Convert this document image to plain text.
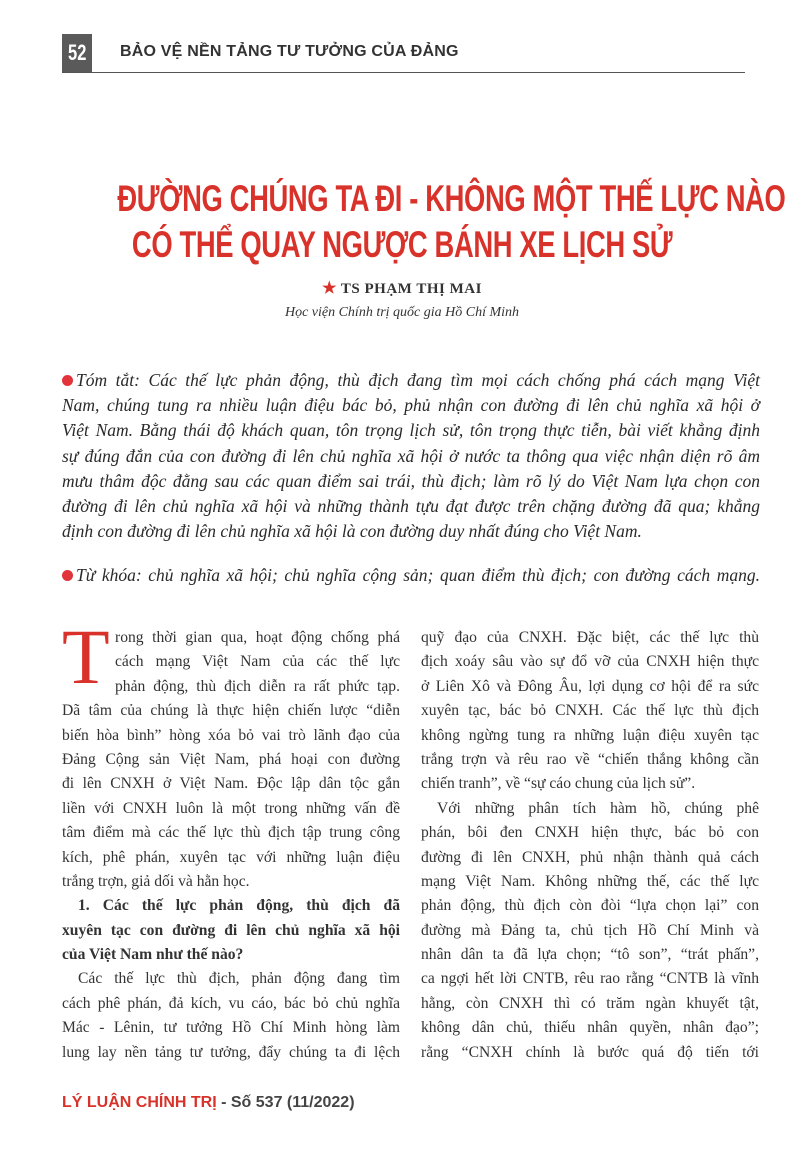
52	BẢO VỆ NỀN TẢNG TƯ TƯỞNG CỦA ĐẢNG
ĐƯỜNG CHÚNG TA ĐI - KHÔNG MỘT THẾ LỰC NÀO
CÓ THỂ QUAY NGƯỢC BÁNH XE LỊCH SỬ
★ TS PHẠM THỊ MAI
Học viện Chính trị quốc gia Hồ Chí Minh
Tóm tắt: Các thế lực phản động, thù địch đang tìm mọi cách chống phá cách mạng Việt
Nam, chúng tung ra nhiều luận điệu bác bỏ, phủ nhận con đường đi lên chủ nghĩa xã hội ở
Việt Nam. Bằng thái độ khách quan, tôn trọng lịch sử, tôn trọng thực tiễn, bài viết khẳng định
sự đúng đắn của con đường đi lên chủ nghĩa xã hội ở nước ta thông qua việc nhận diện rõ âm
mưu thâm độc đằng sau các quan điểm sai trái, thù địch; làm rõ lý do Việt Nam lựa chọn con
đường đi lên chủ nghĩa xã hội và những thành tựu đạt được trên chặng đường đã qua; khẳng
định con đường đi lên chủ nghĩa xã hội là con đường duy nhất đúng cho Việt Nam.
Từ khóa: chủ nghĩa xã hội; chủ nghĩa cộng sản; quan điểm thù địch; con đường cách mạng.
T rong thời gian qua, hoạt động chống phá
cách mạng Việt Nam của các thế lực
phản động, thù địch diễn ra rất phức tạp.
Dã tâm của chúng là thực hiện chiến lược “diễn
biến hòa bình” hòng xóa bỏ vai trò lãnh đạo của
Đảng Cộng sản Việt Nam, phá hoại con đường
đi lên CNXH ở Việt Nam. Độc lập dân tộc gắn
liền với CNXH luôn là một trong những vấn đề
tâm điểm mà các thế lực thù địch tập trung công
kích, phê phán, xuyên tạc với những luận điệu
trắng trợn, giả dối và hằn học.
1. Các thế lực phản động, thù địch đã
xuyên tạc con đường đi lên chủ nghĩa xã hội
của Việt Nam như thế nào?
Các thế lực thù địch, phản động đang tìm
cách phê phán, đả kích, vu cáo, bác bỏ chủ nghĩa
Mác - Lênin, tư tưởng Hồ Chí Minh hòng làm
lung lay nền tảng tư tưởng, đẩy chúng ta đi lệch
quỹ đạo của CNXH. Đặc biệt, các thế lực thù
địch xoáy sâu vào sự đổ vỡ của CNXH hiện thực
ở Liên Xô và Đông Âu, lợi dụng cơ hội để ra sức
xuyên tạc, bác bỏ CNXH. Các thế lực thù địch
không ngừng tung ra những luận điệu xuyên tạc
trắng trợn và rêu rao về “chiến thắng không cần
chiến tranh”, về “sự cáo chung của lịch sử”.
Với những phân tích hàm hồ, chúng phê
phán, bôi đen CNXH hiện thực, bác bỏ con
đường đi lên CNXH, phủ nhận thành quả cách
mạng Việt Nam. Không những thế, các thế lực
phản động, thù địch còn đòi “lựa chọn lại” con
đường mà Đảng ta, chủ tịch Hồ Chí Minh và
nhân dân ta đã lựa chọn; “tô son”, “trát phấn”,
ca ngợi hết lời CNTB, rêu rao rằng “CNTB là vĩnh
hằng, còn CNXH thì có trăm ngàn khuyết tật,
không dân chủ, thiếu nhân quyền, nhân đạo”;
rằng “CNXH chính là bước quá độ tiến tới
LÝ LUẬN CHÍNH TRỊ - Số 537 (11/2022)
